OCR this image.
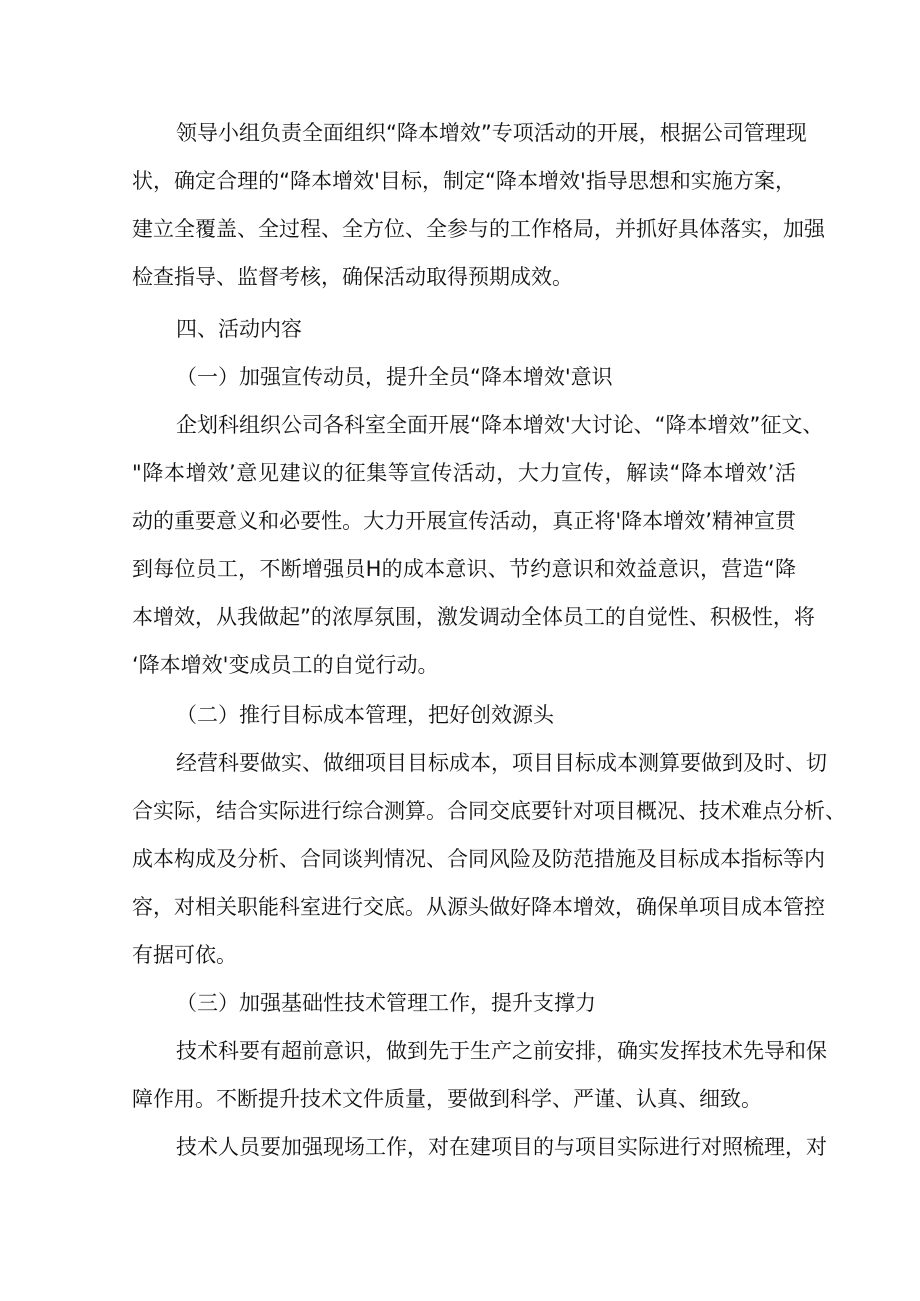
领导小组负责全面组织“降本增效”专项活动的开展，根据公司管理现
状，确定合理的“降本增效'目标，制定“降本增效'指导思想和实施方案，
建立全覆盖、全过程、全方位、全参与的工作格局，并抓好具体落实，加强
检查指导、监督考核，确保活动取得预期成效。
四、活动内容
（一）加强宣传动员，提升全员“降本增效'意识
企划科组织公司各科室全面开展“降本增效'大讨论、“降本增效”征文、
"降本增效’意见建议的征集等宣传活动，大力宣传，解读“降本增效’活
动的重要意义和必要性。大力开展宣传活动，真正将'降本增效’精神宣贯
到每位员工，不断增强员H的成本意识、节约意识和效益意识，营造“降
本增效，从我做起”的浓厚氛围，激发调动全体员工的自觉性、积极性，将
‘降本增效'变成员工的自觉行动。
（二）推行目标成本管理，把好创效源头
经营科要做实、做细项目目标成本，项目目标成本测算要做到及时、切
合实际，结合实际进行综合测算。合同交底要针对项目概况、技术难点分析、
成本构成及分析、合同谈判情况、合同风险及防范措施及目标成本指标等内
容，对相关职能科室进行交底。从源头做好降本增效，确保单项目成本管控
有据可依。
（三）加强基础性技术管理工作，提升支撑力
技术科要有超前意识，做到先于生产之前安排，确实发挥技术先导和保
障作用。不断提升技术文件质量，要做到科学、严谨、认真、细致。
技术人员要加强现场工作，对在建项目的与项目实际进行对照梳理，对
